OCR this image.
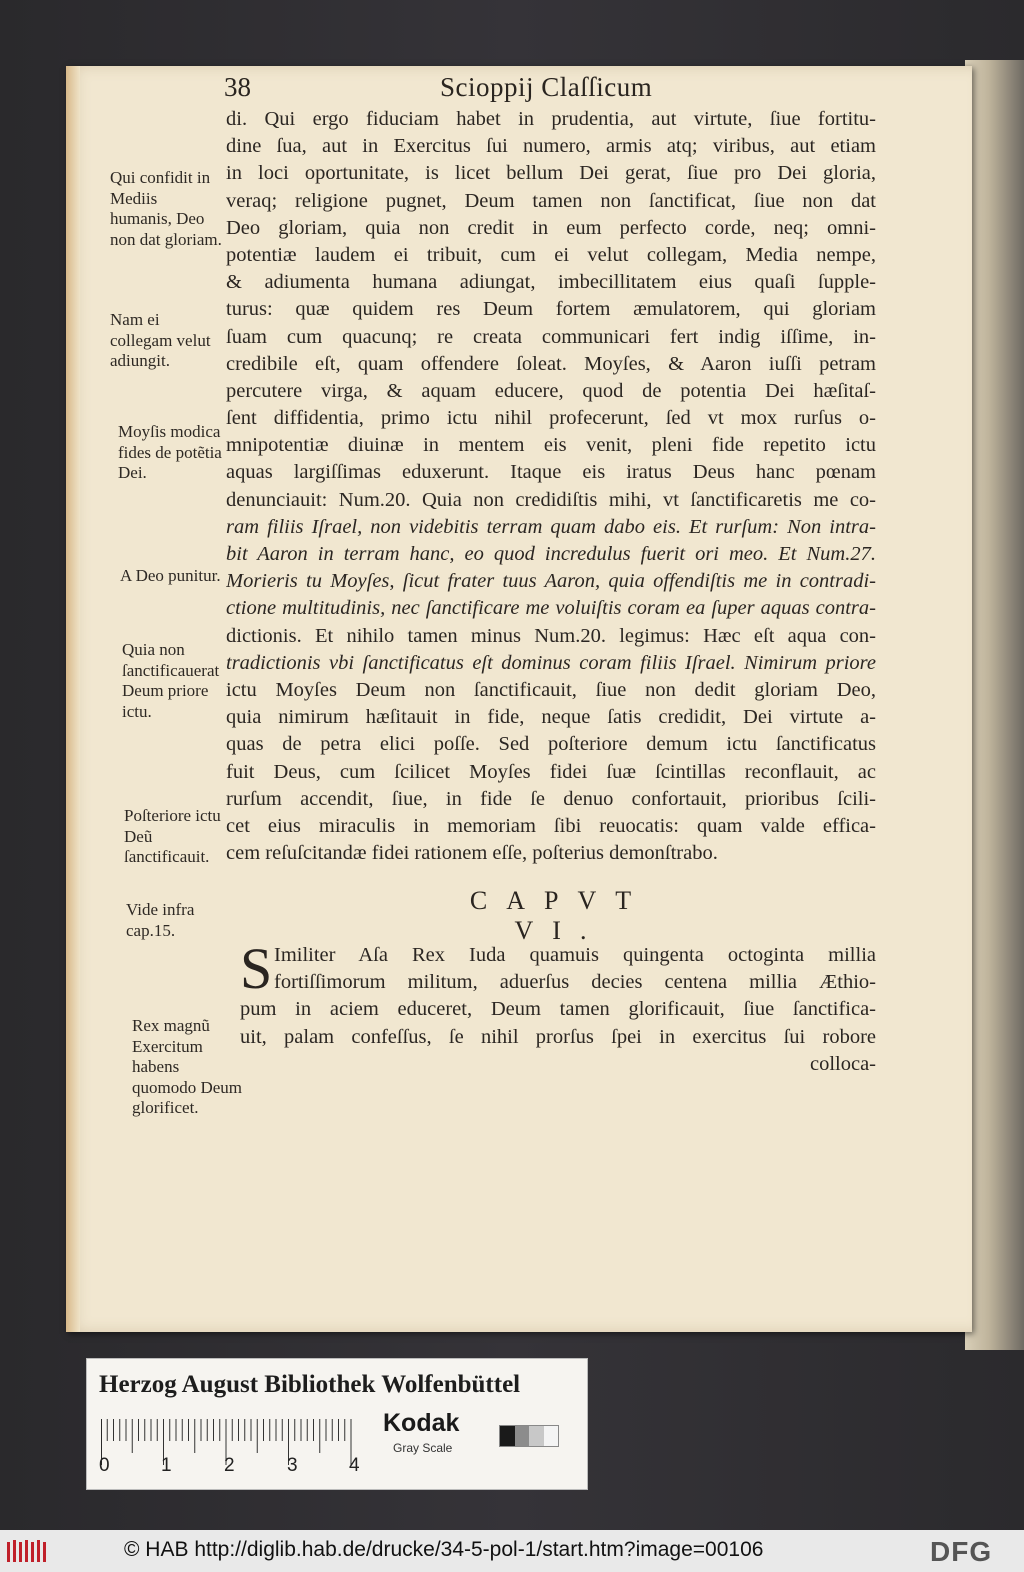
38	Scioppij Claſſicum
Qui confidit in Mediis humanis, Deo non dat gloriam.
Nam ei collegam velut adiungit.
Moyſis modica fides de potẽtia Dei.
A Deo punitur.
Quia non ſanctificauerat Deum priore ictu.
Poſteriore ictu Deũ ſanctificauit.
Vide infra cap.15.
Rex magnũ Exercitum habens quomodo Deum glorificet.
di. Qui ergo fiduciam habet in prudentia, aut virtute, ſiue fortitu-
dine ſua, aut in Exercitus ſui numero, armis atq; viribus, aut etiam
in loci oportunitate, is licet bellum Dei gerat, ſiue pro Dei gloria,
veraq; religione pugnet, Deum tamen non ſanctificat, ſiue non dat
Deo gloriam, quia non credit in eum perfecto corde, neq; omni-
potentiæ laudem ei tribuit, cum ei velut collegam, Media nempe,
& adiumenta humana adiungat, imbecillitatem eius quaſi ſupple-
turus: quæ quidem res Deum fortem æmulatorem, qui gloriam
ſuam cum quacunq; re creata communicari fert indig iſſime, in-
credibile eſt, quam offendere ſoleat. Moyſes, & Aaron iuſſi petram
percutere virga, & aquam educere, quod de potentia Dei hæſitaſ-
ſent diffidentia, primo ictu nihil profecerunt, ſed vt mox rurſus o-
mnipotentiæ diuinæ in mentem eis venit, pleni fide repetito ictu
aquas largiſſimas eduxerunt. Itaque eis iratus Deus hanc pœnam
denunciauit: Num.20. Quia non credidiſtis mihi, vt ſanctificaretis me co-
ram filiis Iſrael, non videbitis terram quam dabo eis. Et rurſum: Non intra-
bit Aaron in terram hanc, eo quod incredulus fuerit ori meo. Et Num.27.
Morieris tu Moyſes, ſicut frater tuus Aaron, quia offendiſtis me in contradi-
ctione multitudinis, nec ſanctificare me voluiſtis coram ea ſuper aquas contra-
dictionis. Et nihilo tamen minus Num.20. legimus: Hæc eſt aqua con-
tradictionis vbi ſanctificatus eſt dominus coram filiis Iſrael. Nimirum priore
ictu Moyſes Deum non ſanctificauit, ſiue non dedit gloriam Deo,
quia nimirum hæſitauit in fide, neque ſatis credidit, Dei virtute a-
quas de petra elici poſſe. Sed poſteriore demum ictu ſanctificatus
fuit Deus, cum ſcilicet Moyſes fidei ſuæ ſcintillas reconflauit, ac
rurſum accendit, ſiue, in fide ſe denuo confortauit, prioribus ſcili-
cet eius miraculis in memoriam ſibi reuocatis: quam valde effica-
cem reſuſcitandæ fidei rationem eſſe, poſterius demonſtrabo.
CAPVT VI.
S Imiliter Aſa Rex Iuda quamuis quingenta octoginta millia
fortiſſimorum militum, aduerſus decies centena millia Æthio-
pum in aciem educeret, Deum tamen glorificauit, ſiue ſanctifica-
uit, palam confeſſus, ſe nihil prorſus ſpei in exercitus ſui robore
colloca-
Herzog August Bibliothek Wolfenbüttel
0	1	2	3	4
Kodak
Gray Scale
© HAB http://diglib.hab.de/drucke/34-5-pol-1/start.htm?image=00106	DFG
